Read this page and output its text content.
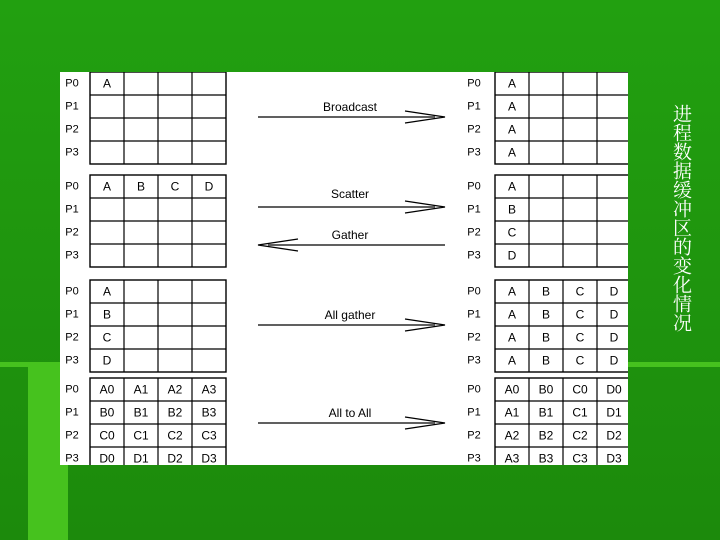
P0
P1
P2
P3
A	P0
P1
P2
P3
A
A
A
A
Broadcast
P0
P1
P2
P3
A B C D	P0
P1
P2
P3
A
B
C
D
Scatter
Gather
P0
P1
P2
P3
A
B
C
D
P0
P1
P2
P3
A B C D
A B C D
A B C D
A B C D
All gather
P0
P1
P2
P3
A0 A1 A2 A3
B0 B1 B2 B3
C0 C1 C2 C3
D0 D1 D2 D3
P0
P1
P2
P3
A0 B0 C0 D0
A1 B1 C1 D1
A2 B2 C2 D2
A3 B3 C3 D3
All to All
进程数据缓冲区的变化情况
